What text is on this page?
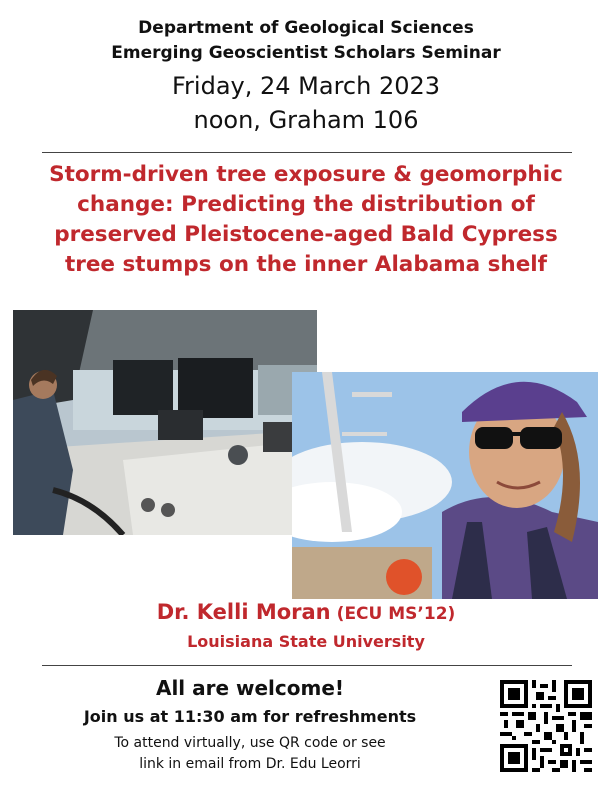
Department of Geological Sciences
Emerging Geoscientist Scholars Seminar
Friday, 24 March 2023
noon, Graham 106
Storm-driven tree exposure & geomorphic
change: Predicting the distribution of
preserved Pleistocene-aged Bald Cypress
tree stumps on the inner Alabama shelf
Dr. Kelli Moran (ECU MS’12)
Louisiana State University
All are welcome!
Join us at 11:30 am for refreshments
To attend virtually, use QR code or see
link in email from Dr. Edu Leorri
